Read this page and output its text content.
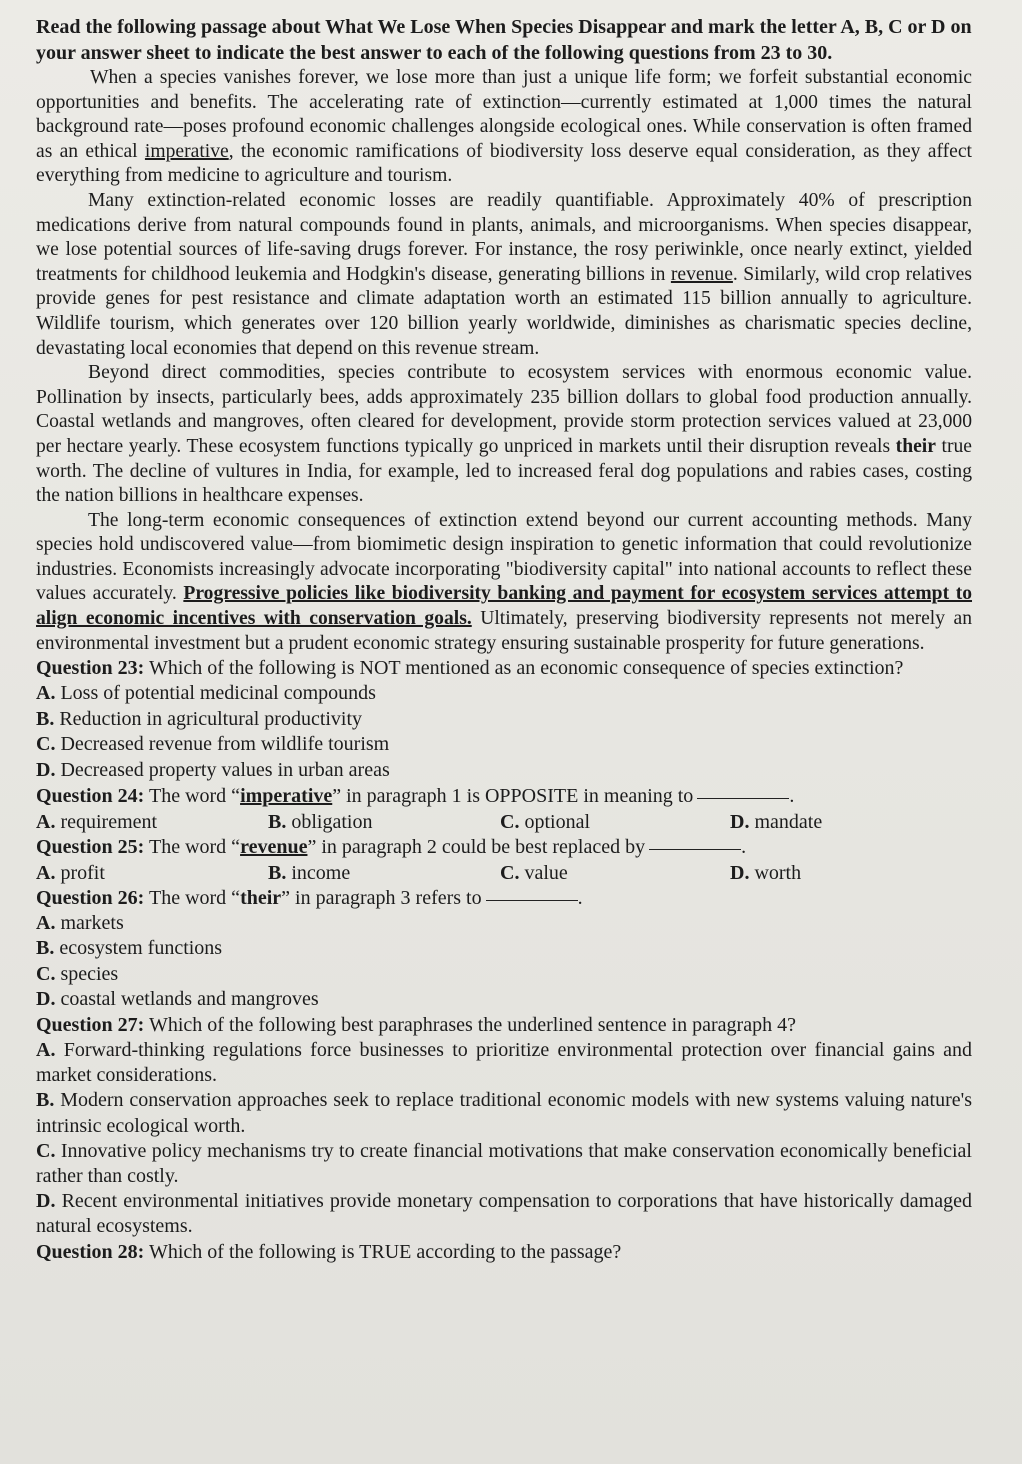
Read the following passage about What We Lose When Species Disappear and mark the letter A, B, C or D on your answer sheet to indicate the best answer to each of the following questions from 23 to 30.

When a species vanishes forever, we lose more than just a unique life form; we forfeit substantial economic opportunities and benefits. The accelerating rate of extinction—currently estimated at 1,000 times the natural background rate—poses profound economic challenges alongside ecological ones. While conservation is often framed as an ethical imperative, the economic ramifications of biodiversity loss deserve equal consideration, as they affect everything from medicine to agriculture and tourism.

Many extinction-related economic losses are readily quantifiable. Approximately 40% of prescription medications derive from natural compounds found in plants, animals, and microorganisms. When species disappear, we lose potential sources of life-saving drugs forever. For instance, the rosy periwinkle, once nearly extinct, yielded treatments for childhood leukemia and Hodgkin's disease, generating billions in revenue. Similarly, wild crop relatives provide genes for pest resistance and climate adaptation worth an estimated 115 billion annually to agriculture. Wildlife tourism, which generates over 120 billion yearly worldwide, diminishes as charismatic species decline, devastating local economies that depend on this revenue stream.

Beyond direct commodities, species contribute to ecosystem services with enormous economic value. Pollination by insects, particularly bees, adds approximately 235 billion dollars to global food production annually. Coastal wetlands and mangroves, often cleared for development, provide storm protection services valued at 23,000 per hectare yearly. These ecosystem functions typically go unpriced in markets until their disruption reveals their true worth. The decline of vultures in India, for example, led to increased feral dog populations and rabies cases, costing the nation billions in healthcare expenses.

The long-term economic consequences of extinction extend beyond our current accounting methods. Many species hold undiscovered value—from biomimetic design inspiration to genetic information that could revolutionize industries. Economists increasingly advocate incorporating "biodiversity capital" into national accounts to reflect these values accurately. Progressive policies like biodiversity banking and payment for ecosystem services attempt to align economic incentives with conservation goals. Ultimately, preserving biodiversity represents not merely an environmental investment but a prudent economic strategy ensuring sustainable prosperity for future generations.

Question 23: Which of the following is NOT mentioned as an economic consequence of species extinction?

A. Loss of potential medicinal compounds

B. Reduction in agricultural productivity

C. Decreased revenue from wildlife tourism

D. Decreased property values in urban areas

Question 24: The word “imperative” in paragraph 1 is OPPOSITE in meaning to	.

A. requirement	B. obligation	C. optional	D. mandate

Question 25: The word “revenue” in paragraph 2 could be best replaced by	.

A. profit	B. income	C. value	D. worth

Question 26: The word “their” in paragraph 3 refers to	.

A. markets

B. ecosystem functions

C. species

D. coastal wetlands and mangroves

Question 27: Which of the following best paraphrases the underlined sentence in paragraph 4?

A. Forward-thinking regulations force businesses to prioritize environmental protection over financial gains and market considerations.

B. Modern conservation approaches seek to replace traditional economic models with new systems valuing nature's intrinsic ecological worth.

C. Innovative policy mechanisms try to create financial motivations that make conservation economically beneficial rather than costly.

D. Recent environmental initiatives provide monetary compensation to corporations that have historically damaged natural ecosystems.

Question 28: Which of the following is TRUE according to the passage?
